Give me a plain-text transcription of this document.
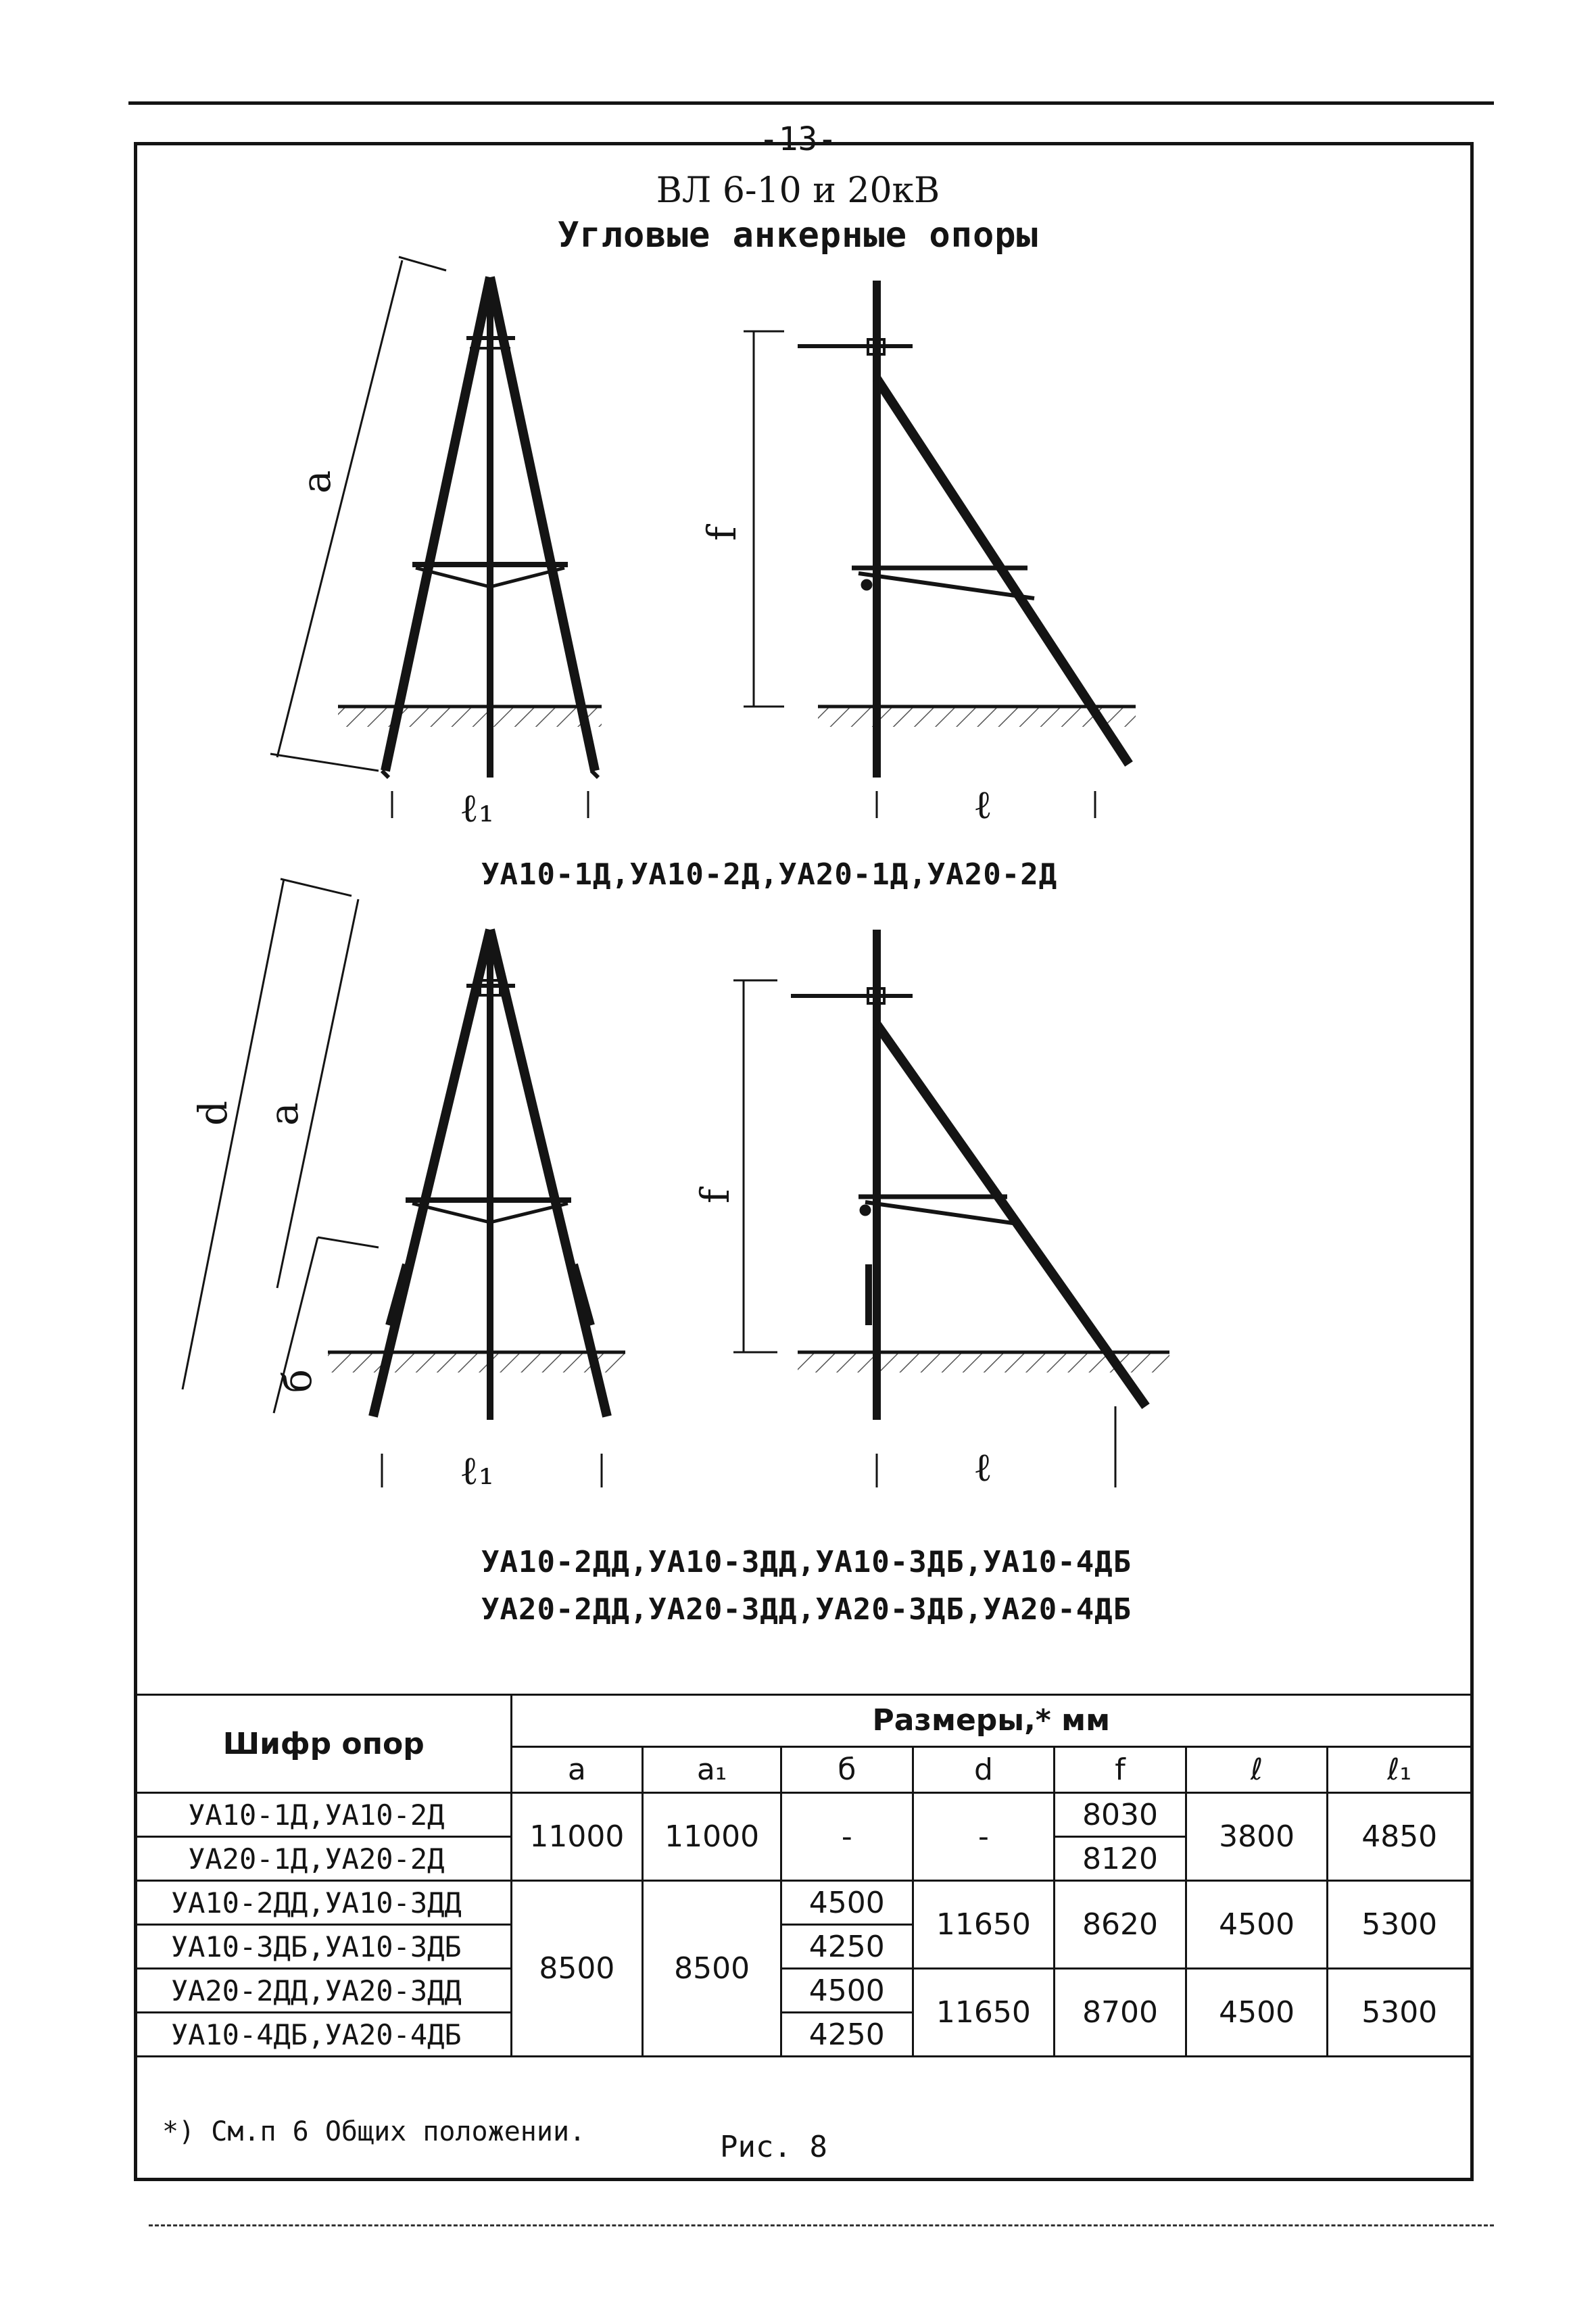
-13-
ВЛ 6-10 и 20кВ
Угловые анкерные опоры
a
f
ℓ₁	ℓ
d a
б
f
ℓ₁	ℓ
УА10-1Д,УА10-2Д,УА20-1Д,УА20-2Д
УА10-2ДД,УА10-3ДД,УА10-3ДБ,УА10-4ДБ
УА20-2ДД,УА20-3ДД,УА20-3ДБ,УА20-4ДБ
Шифр опор	Размеры,* мм						
	a	a₁	б	d	f	ℓ	ℓ₁
УА10-1Д,УА10-2Д	11000	11000	-	-	8030	3800	4850
УА20-1Д,УА20-2Д					8120		
УА10-2ДД,УА10-3ДД	8500	8500	4500	11650	8620	4500	5300
УА10-3ДБ,УА10-3ДБ			4250				
УА20-2ДД,УА20-3ДД			4500	11650	8700	4500	5300
УА10-4ДБ,УА20-4ДБ			4250				
*) См.п 6 Общих положении.	Рис. 8
